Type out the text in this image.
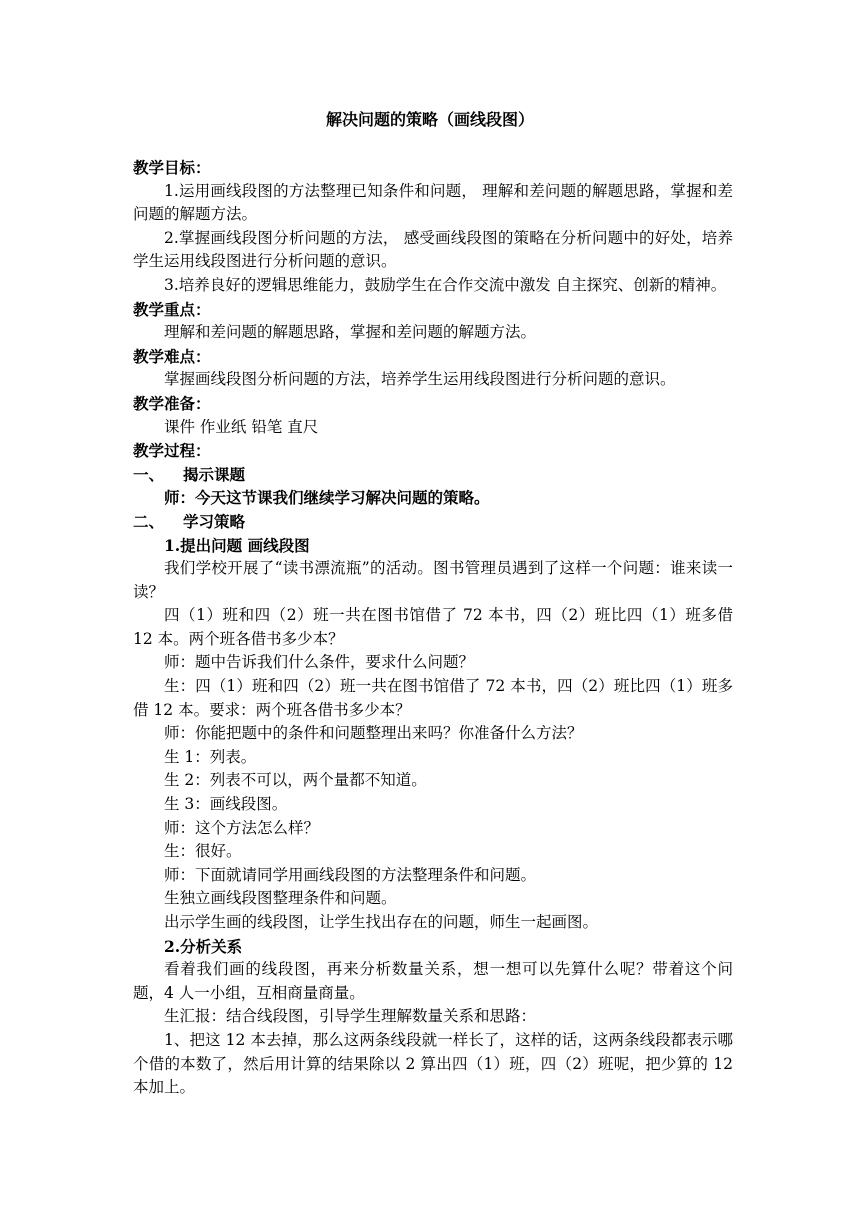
解决问题的策略（画线段图）

教学目标：

1.运用画线段图的方法整理已知条件和问题， 理解和差问题的解题思路，掌握和差问题的解题方法。

2.掌握画线段图分析问题的方法， 感受画线段图的策略在分析问题中的好处，培养学生运用线段图进行分析问题的意识。

3.培养良好的逻辑思维能力，鼓励学生在合作交流中激发 自主探究、创新的精神。

教学重点：

理解和差问题的解题思路，掌握和差问题的解题方法。

教学难点：

掌握画线段图分析问题的方法，培养学生运用线段图进行分析问题的意识。

教学准备：

课件 作业纸 铅笔 直尺

教学过程：

一、	揭示课题

师：今天这节课我们继续学习解决问题的策略。

二、	学习策略

1.提出问题 画线段图

我们学校开展了“读书漂流瓶”的活动。图书管理员遇到了这样一个问题：谁来读一读？

四（1）班和四（2）班一共在图书馆借了 72 本书，四（2）班比四（1）班多借 12 本。两个班各借书多少本？

师：题中告诉我们什么条件，要求什么问题？

生：四（1）班和四（2）班一共在图书馆借了 72 本书，四（2）班比四（1）班多借 12 本。要求：两个班各借书多少本？

师：你能把题中的条件和问题整理出来吗？你准备什么方法？

生 1：列表。

生 2：列表不可以，两个量都不知道。

生 3：画线段图。

师：这个方法怎么样？

生：很好。

师：下面就请同学用画线段图的方法整理条件和问题。

生独立画线段图整理条件和问题。

出示学生画的线段图，让学生找出存在的问题，师生一起画图。

2.分析关系

看着我们画的线段图，再来分析数量关系，想一想可以先算什么呢？带着这个问题，4 人一小组，互相商量商量。

生汇报：结合线段图，引导学生理解数量关系和思路：

1、把这 12 本去掉，那么这两条线段就一样长了，这样的话，这两条线段都表示哪个借的本数了，然后用计算的结果除以 2 算出四（1）班，四（2）班呢，把少算的 12 本加上。
